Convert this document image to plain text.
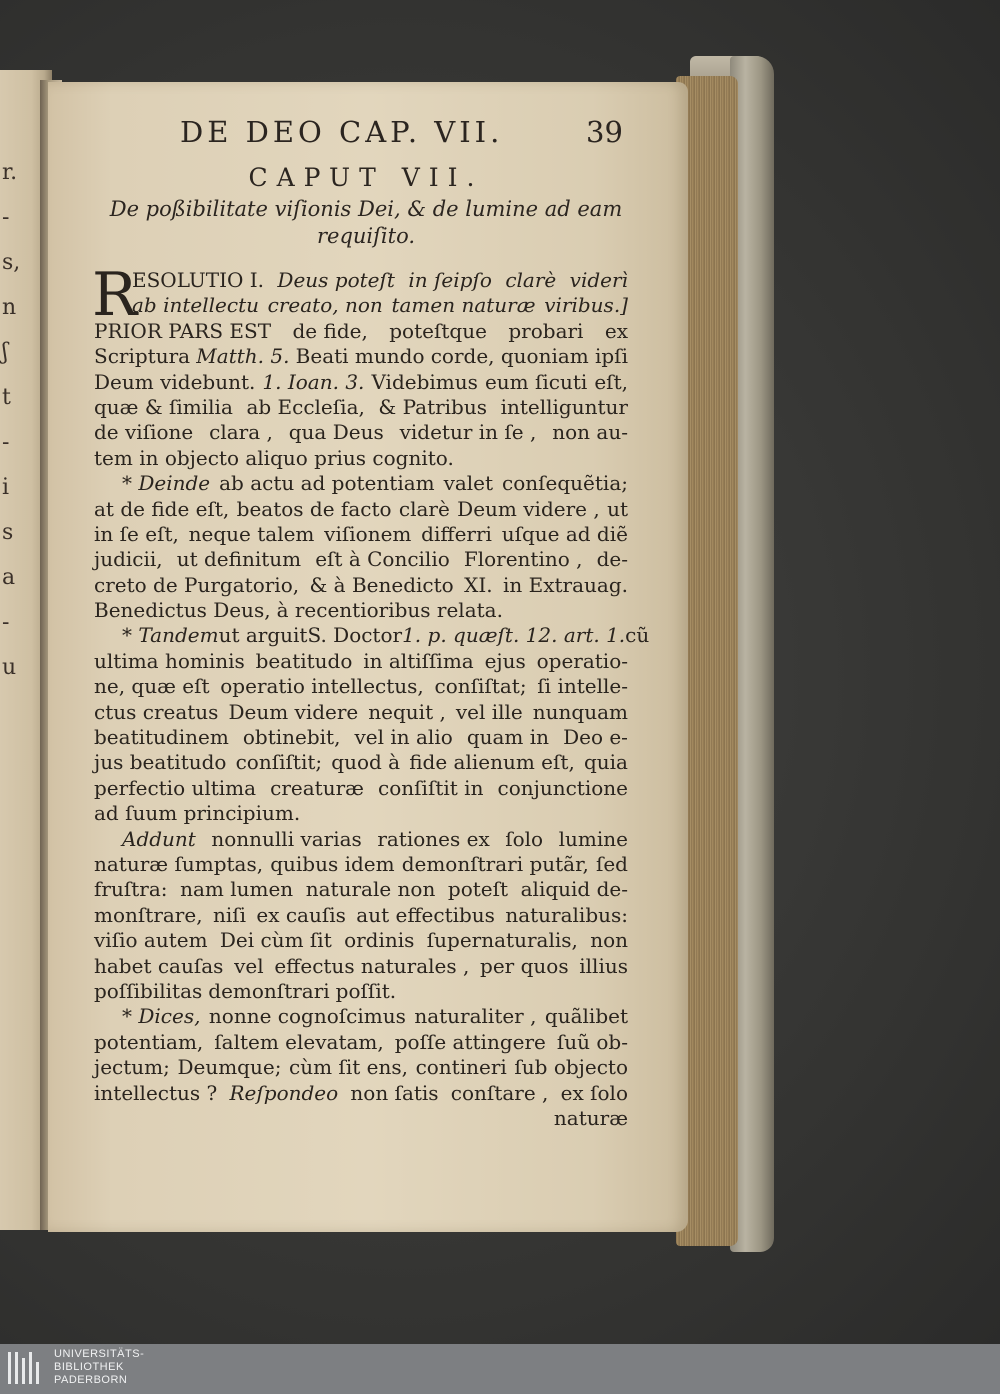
r.
-
s,
n
ʃ
t
-
i
s
a
-
u
DE DEO CAP. VII.	39
CAPUT VII.
De poßibilitate viſionis Dei, & de lumine ad eam
requiſito.
R
ESOLUTIO I. Deus poteſt in ſeipſo clarè viderì
ab intellectu creato, non tamen naturæ viribus.]
PRIOR PARS EST de fide, poteſtque probari ex
Scriptura Matth. 5. Beati mundo corde, quoniam ipſi
Deum videbunt. 1. Ioan. 3. Videbimus eum ſicuti eſt,
quæ & ſimilia ab Eccleſia, & Patribus intelliguntur
de viſione clara , qua Deus videtur in ſe , non au-
tem in objecto aliquo prius cognito.
* Deinde ab actu ad potentiam valet conſequẽtia;
at de fide eſt, beatos de facto clarè Deum videre , ut
in ſe eſt, neque talem viſionem differri uſque ad diẽ
judicii, ut definitum eſt à Concilio Florentino , de-
creto de Purgatorio, & à Benedicto XI. in Extrauag.
Benedictus Deus, à recentioribus relata.
* Tandem ut arguit S. Doctor 1. p. quæſt. 12. art. 1. cũ
ultima hominis beatitudo in altiſſima ejus operatio-
ne, quæ eſt operatio intellectus, conſiſtat; ſi intelle-
ctus creatus Deum videre nequit , vel ille nunquam
beatitudinem obtinebit, vel in alio quam in Deo e-
jus beatitudo conſiſtit; quod à fide alienum eſt, quia
perfectio ultima creaturæ conſiſtit in conjunctione
ad ſuum principium.
Addunt nonnulli varias rationes ex ſolo lumine
naturæ ſumptas, quibus idem demonſtrari putãr, ſed
fruſtra: nam lumen naturale non poteſt aliquid de-
monſtrare, niſi ex cauſis aut effectibus naturalibus:
viſio autem Dei cùm ſit ordinis ſupernaturalis, non
habet cauſas vel effectus naturales , per quos illius
poſſibilitas demonſtrari poſſit.
* Dices, nonne cognoſcimus naturaliter , quãlibet
potentiam, ſaltem elevatam, poſſe attingere ſuũ ob-
jectum; Deumque; cùm ſit ens, contineri ſub objecto
intellectus ? Reſpondeo non ſatis conſtare , ex ſolo
naturæ
UNIVERSITÄTS-
BIBLIOTHEK
PADERBORN
